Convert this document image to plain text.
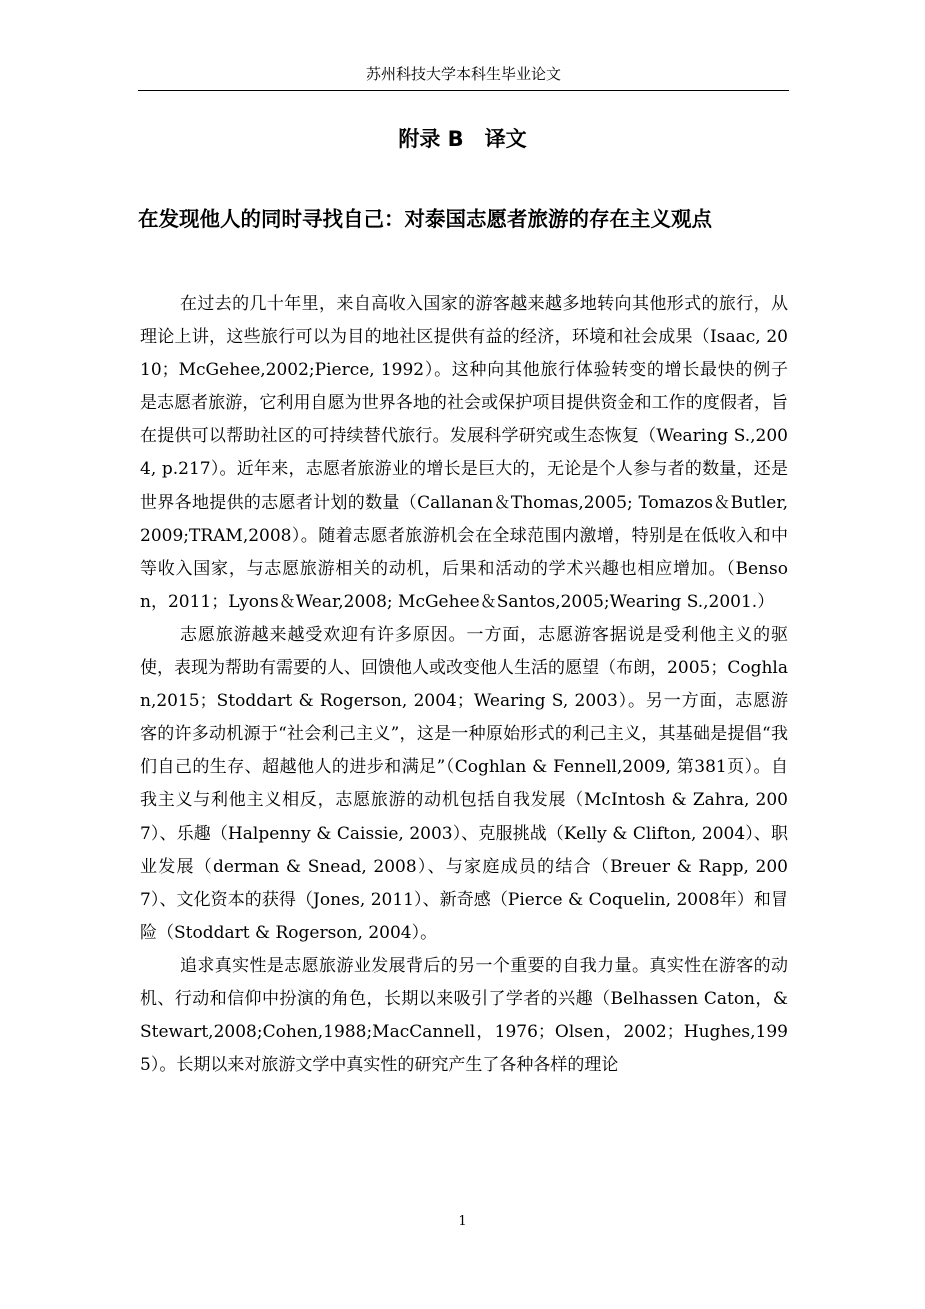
苏州科技大学本科生毕业论文
附录 B　译文
在发现他人的同时寻找自己：对泰国志愿者旅游的存在主义观点

在过去的几十年里，来自高收入国家的游客越来越多地转向其他形式的旅行，从理论上讲，这些旅行可以为目的地社区提供有益的经济，环境和社会成果（Isaac, 2010；McGehee,2002;Pierce, 1992）。这种向其他旅行体验转变的增长最快的例子是志愿者旅游，它利用自愿为世界各地的社会或保护项目提供资金和工作的度假者，旨在提供可以帮助社区的可持续替代旅行。发展科学研究或生态恢复（Wearing S.,2004, p.217）。近年来，志愿者旅游业的增长是巨大的，无论是个人参与者的数量，还是世界各地提供的志愿者计划的数量（Callanan＆Thomas,2005; Tomazos＆Butler,2009;TRAM,2008）。随着志愿者旅游机会在全球范围内激增，特别是在低收入和中等收入国家，与志愿旅游相关的动机，后果和活动的学术兴趣也相应增加。（Benson，2011；Lyons＆Wear,2008; McGehee＆Santos,2005;Wearing S.,2001.）

志愿旅游越来越受欢迎有许多原因。一方面，志愿游客据说是受利他主义的驱使，表现为帮助有需要的人、回馈他人或改变他人生活的愿望（布朗，2005；Coghlan,2015；Stoddart & Rogerson, 2004；Wearing S, 2003）。另一方面，志愿游客的许多动机源于“社会利己主义”，这是一种原始形式的利己主义，其基础是提倡“我们自己的生存、超越他人的进步和满足”（Coghlan & Fennell,2009, 第381页）。自我主义与利他主义相反，志愿旅游的动机包括自我发展（McIntosh & Zahra, 2007）、乐趣（Halpenny & Caissie, 2003）、克服挑战（Kelly & Clifton, 2004）、职业发展（derman & Snead, 2008）、与家庭成员的结合（Breuer & Rapp, 2007）、文化资本的获得（Jones, 2011）、新奇感（Pierce & Coquelin, 2008年）和冒险（Stoddart & Rogerson, 2004）。

追求真实性是志愿旅游业发展背后的另一个重要的自我力量。真实性在游客的动机、行动和信仰中扮演的角色，长期以来吸引了学者的兴趣（Belhassen Caton，& Stewart,2008;Cohen,1988;MacCannell，1976；Olsen，2002；Hughes,1995）。长期以来对旅游文学中真实性的研究产生了各种各样的理论

1
